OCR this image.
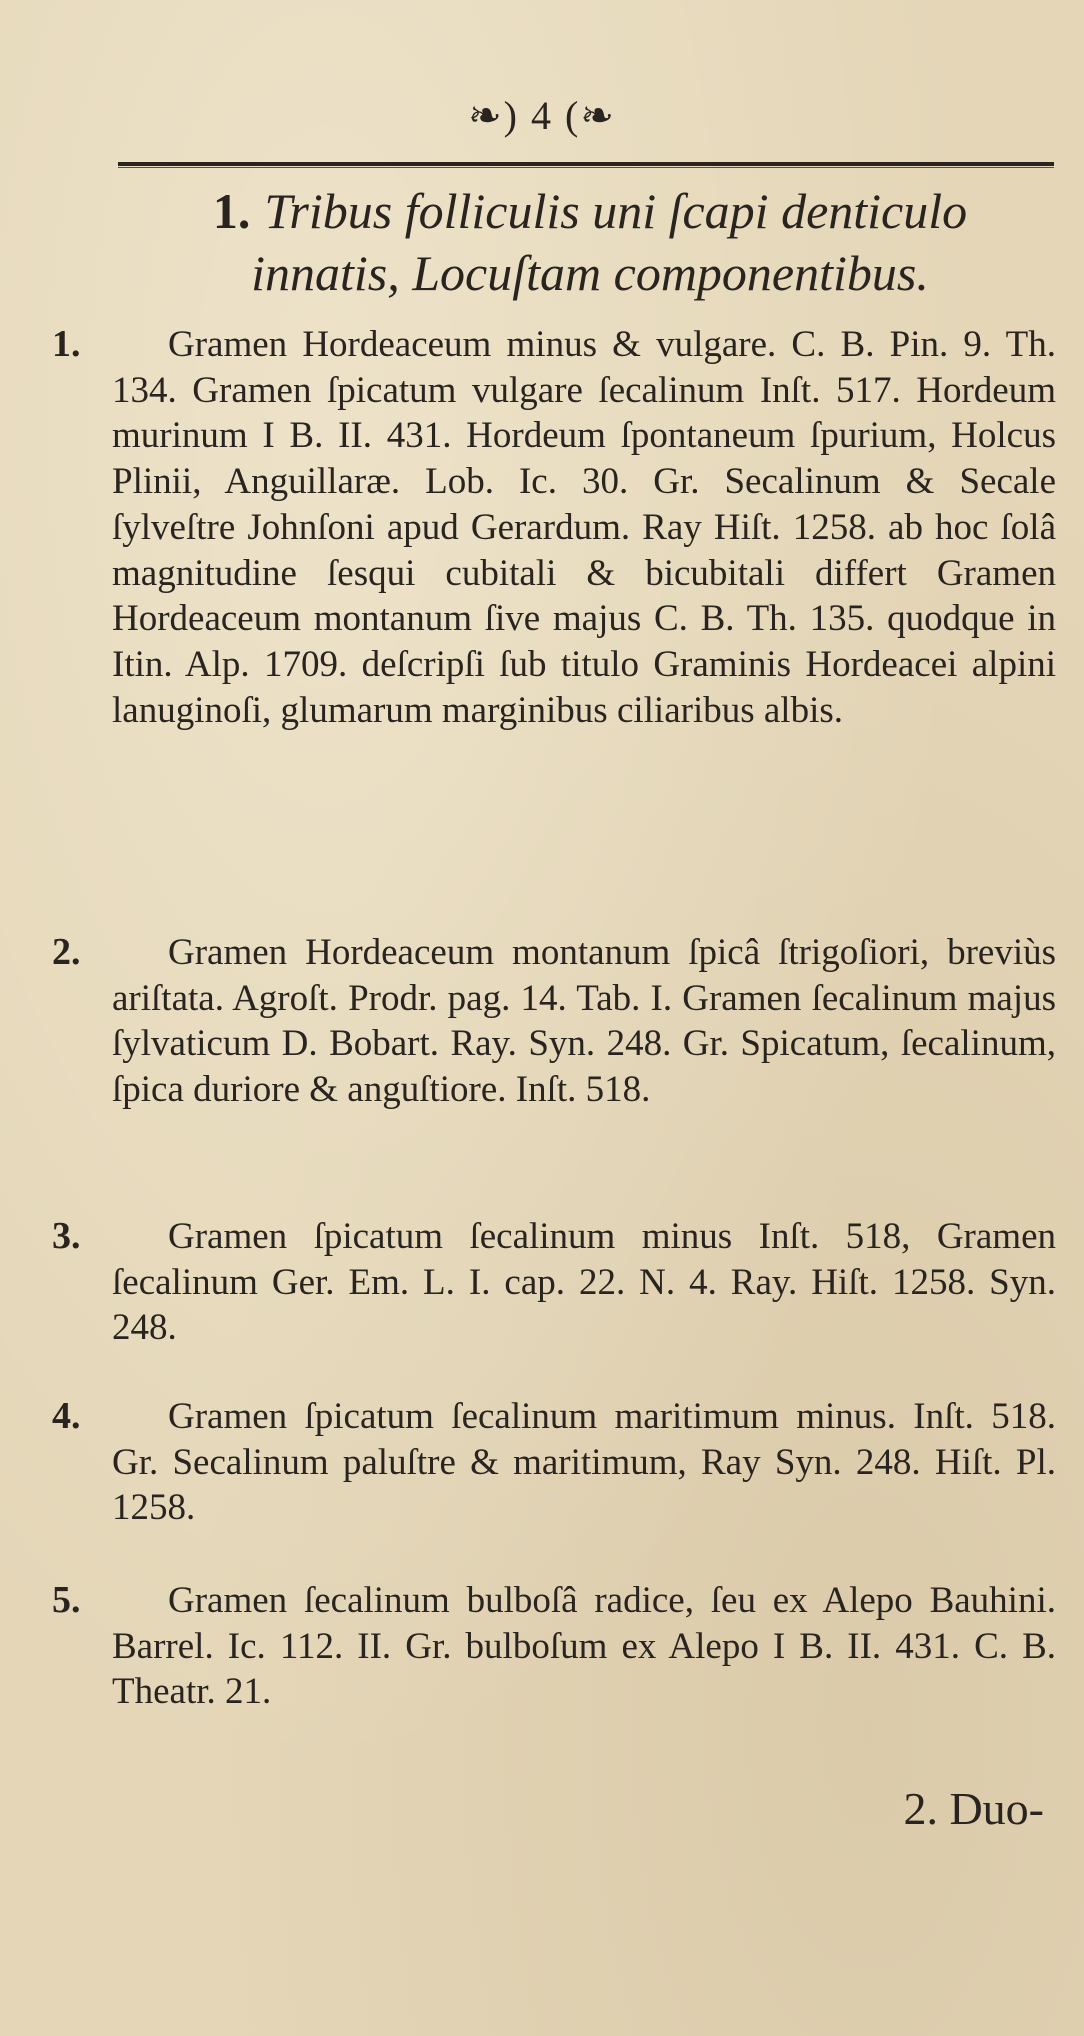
❧) 4 (❧
1. Tribus folliculis uni ſcapi denticulo innatis, Locuſtam componentibus.
1.	Gramen Hordeaceum minus & vulgare. C. B. Pin. 9. Th. 134. Gramen ſpicatum vulgare ſecalinum Inſt. 517. Hordeum murinum I B. II. 431. Hordeum ſpontaneum ſpurium, Holcus Plinii, Anguillaræ. Lob. Ic. 30. Gr. Secalinum & Secale ſylveſtre Johnſoni apud Gerardum. Ray Hiſt. 1258. ab hoc ſolâ magnitudine ſesqui cubitali & bicubitali differt Gramen Hordeaceum montanum ſive majus C. B. Th. 135. quodque in Itin. Alp. 1709. deſcripſi ſub titulo Graminis Hordeacei alpini lanuginoſi, glumarum marginibus ciliaribus albis.

2.	Gramen Hordeaceum montanum ſpicâ ſtrigoſiori, breviùs ariſtata. Agroſt. Prodr. pag. 14. Tab. I. Gramen ſecalinum majus ſylvaticum D. Bobart. Ray. Syn. 248. Gr. Spicatum, ſecalinum, ſpica duriore & anguſtiore. Inſt. 518.

3.	Gramen ſpicatum ſecalinum minus Inſt. 518, Gramen ſecalinum Ger. Em. L. I. cap. 22. N. 4. Ray. Hiſt. 1258. Syn. 248.

4.	Gramen ſpicatum ſecalinum maritimum minus. Inſt. 518. Gr. Secalinum paluſtre & maritimum, Ray Syn. 248. Hiſt. Pl. 1258.

5.	Gramen ſecalinum bulboſâ radice, ſeu ex Alepo Bauhini. Barrel. Ic. 112. II. Gr. bulboſum ex Alepo I B. II. 431. C. B. Theatr. 21.

2. Duo-
